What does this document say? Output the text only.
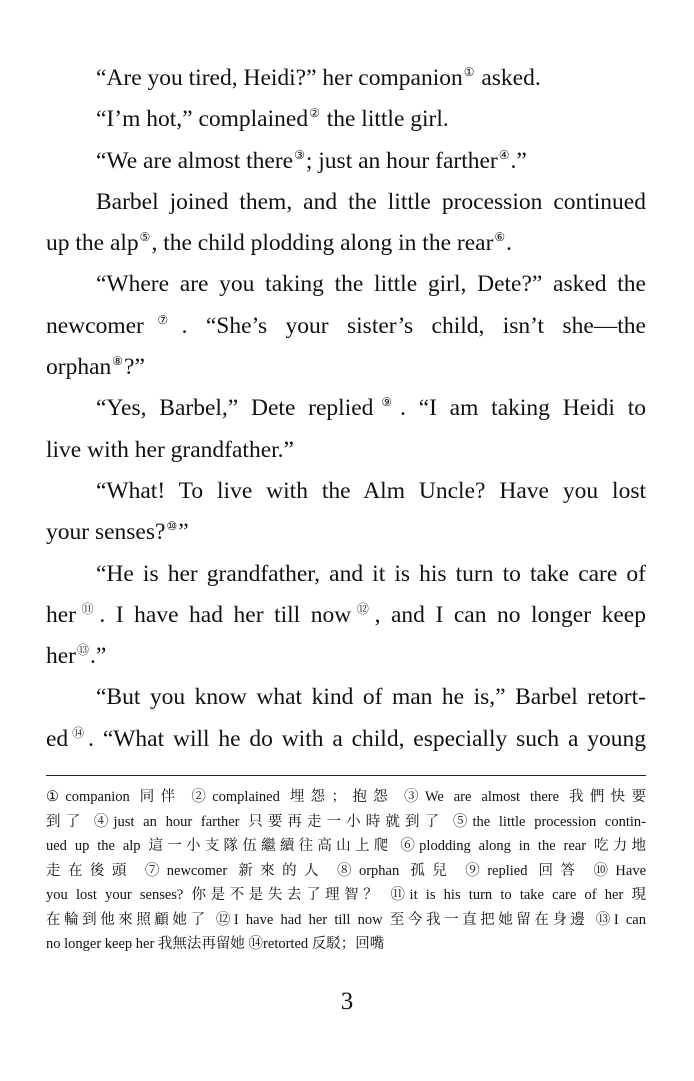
“Are you tired, Heidi?” her companion① asked.
“I’m hot,” complained② the little girl.
“We are almost there③; just an hour farther④.”
Barbel joined them, and the little procession continued
up the alp⑤, the child plodding along in the rear⑥.
“Where are you taking the little girl, Dete?” asked the
newcomer⑦. “She’s your sister’s child, isn’t she—the
orphan⑧?”
“Yes, Barbel,” Dete replied⑨. “I am taking Heidi to
live with her grandfather.”
“What! To live with the Alm Uncle? Have you lost
your senses?⑩”
“He is her grandfather, and it is his turn to take care of
her⑪. I have had her till now⑫, and I can no longer keep
her⑬.”
“But you know what kind of man he is,” Barbel retort-
ed⑭. “What will he do with a child, especially such a young
①companion 同伴 ②complained 埋怨；抱怨 ③We are almost there 我們快要
到了 ④just an hour farther 只要再走一小時就到了 ⑤the little procession contin-
ued up the alp 這一小支隊伍繼續往高山上爬 ⑥plodding along in the rear 吃力地
走在後頭 ⑦newcomer 新來的人 ⑧orphan 孤兒 ⑨replied 回答 ⑩Have
you lost your senses? 你是不是失去了理智？ ⑪it is his turn to take care of her 現
在輪到他來照顧她了 ⑫I have had her till now 至今我一直把她留在身邊 ⑬I can
no longer keep her 我無法再留她 ⑭retorted 反駁；回嘴
3
